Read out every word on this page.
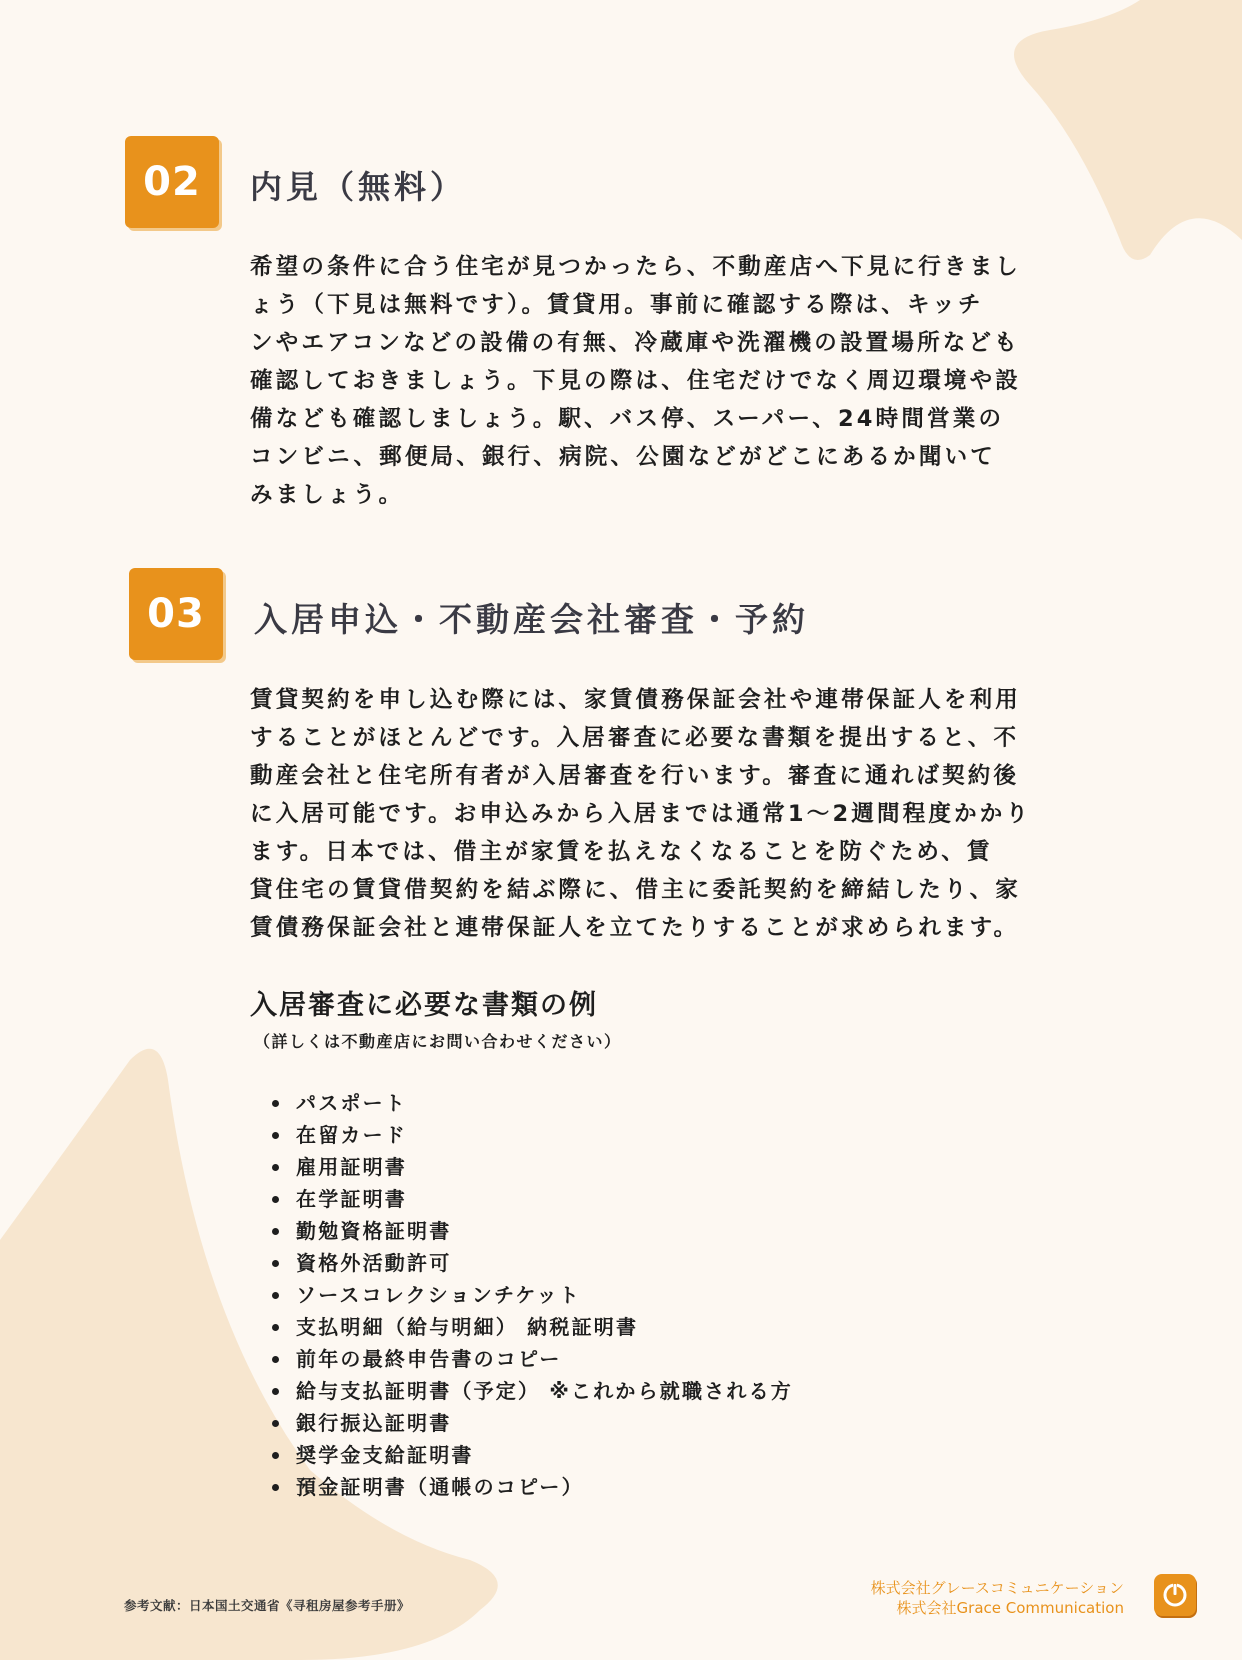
02	内見（無料）

希望の条件に合う住宅が見つかったら、不動産店へ下見に行きまし
ょう（下見は無料です）。賃貸用。事前に確認する際は、キッチ
ンやエアコンなどの設備の有無、冷蔵庫や洗濯機の設置場所なども
確認しておきましょう。下見の際は、住宅だけでなく周辺環境や設
備なども確認しましょう。駅、バス停、スーパー、24時間営業の
コンビニ、郵便局、銀行、病院、公園などがどこにあるか聞いて
みましょう。

03	入居申込・不動産会社審査・予約

賃貸契約を申し込む際には、家賃債務保証会社や連帯保証人を利用
することがほとんどです。入居審査に必要な書類を提出すると、不
動産会社と住宅所有者が入居審査を行います。審査に通れば契約後
に入居可能です。お申込みから入居までは通常1〜2週間程度かかり
ます。日本では、借主が家賃を払えなくなることを防ぐため、賃
貸住宅の賃貸借契約を結ぶ際に、借主に委託契約を締結したり、家
賃債務保証会社と連帯保証人を立てたりすることが求められます。

入居審査に必要な書類の例
（詳しくは不動産店にお問い合わせください）
パスポート
在留カード
雇用証明書
在学証明書
勤勉資格証明書
資格外活動許可
ソースコレクションチケット
支払明細（給与明細） 納税証明書
前年の最終申告書のコピー
給与支払証明書（予定） ※これから就職される方
銀行振込証明書
奨学金支給証明書
預金証明書（通帳のコピー）
参考文献：日本国土交通省《寻租房屋参考手册》
株式会社グレースコミュニケーション
株式会社Grace Communication
